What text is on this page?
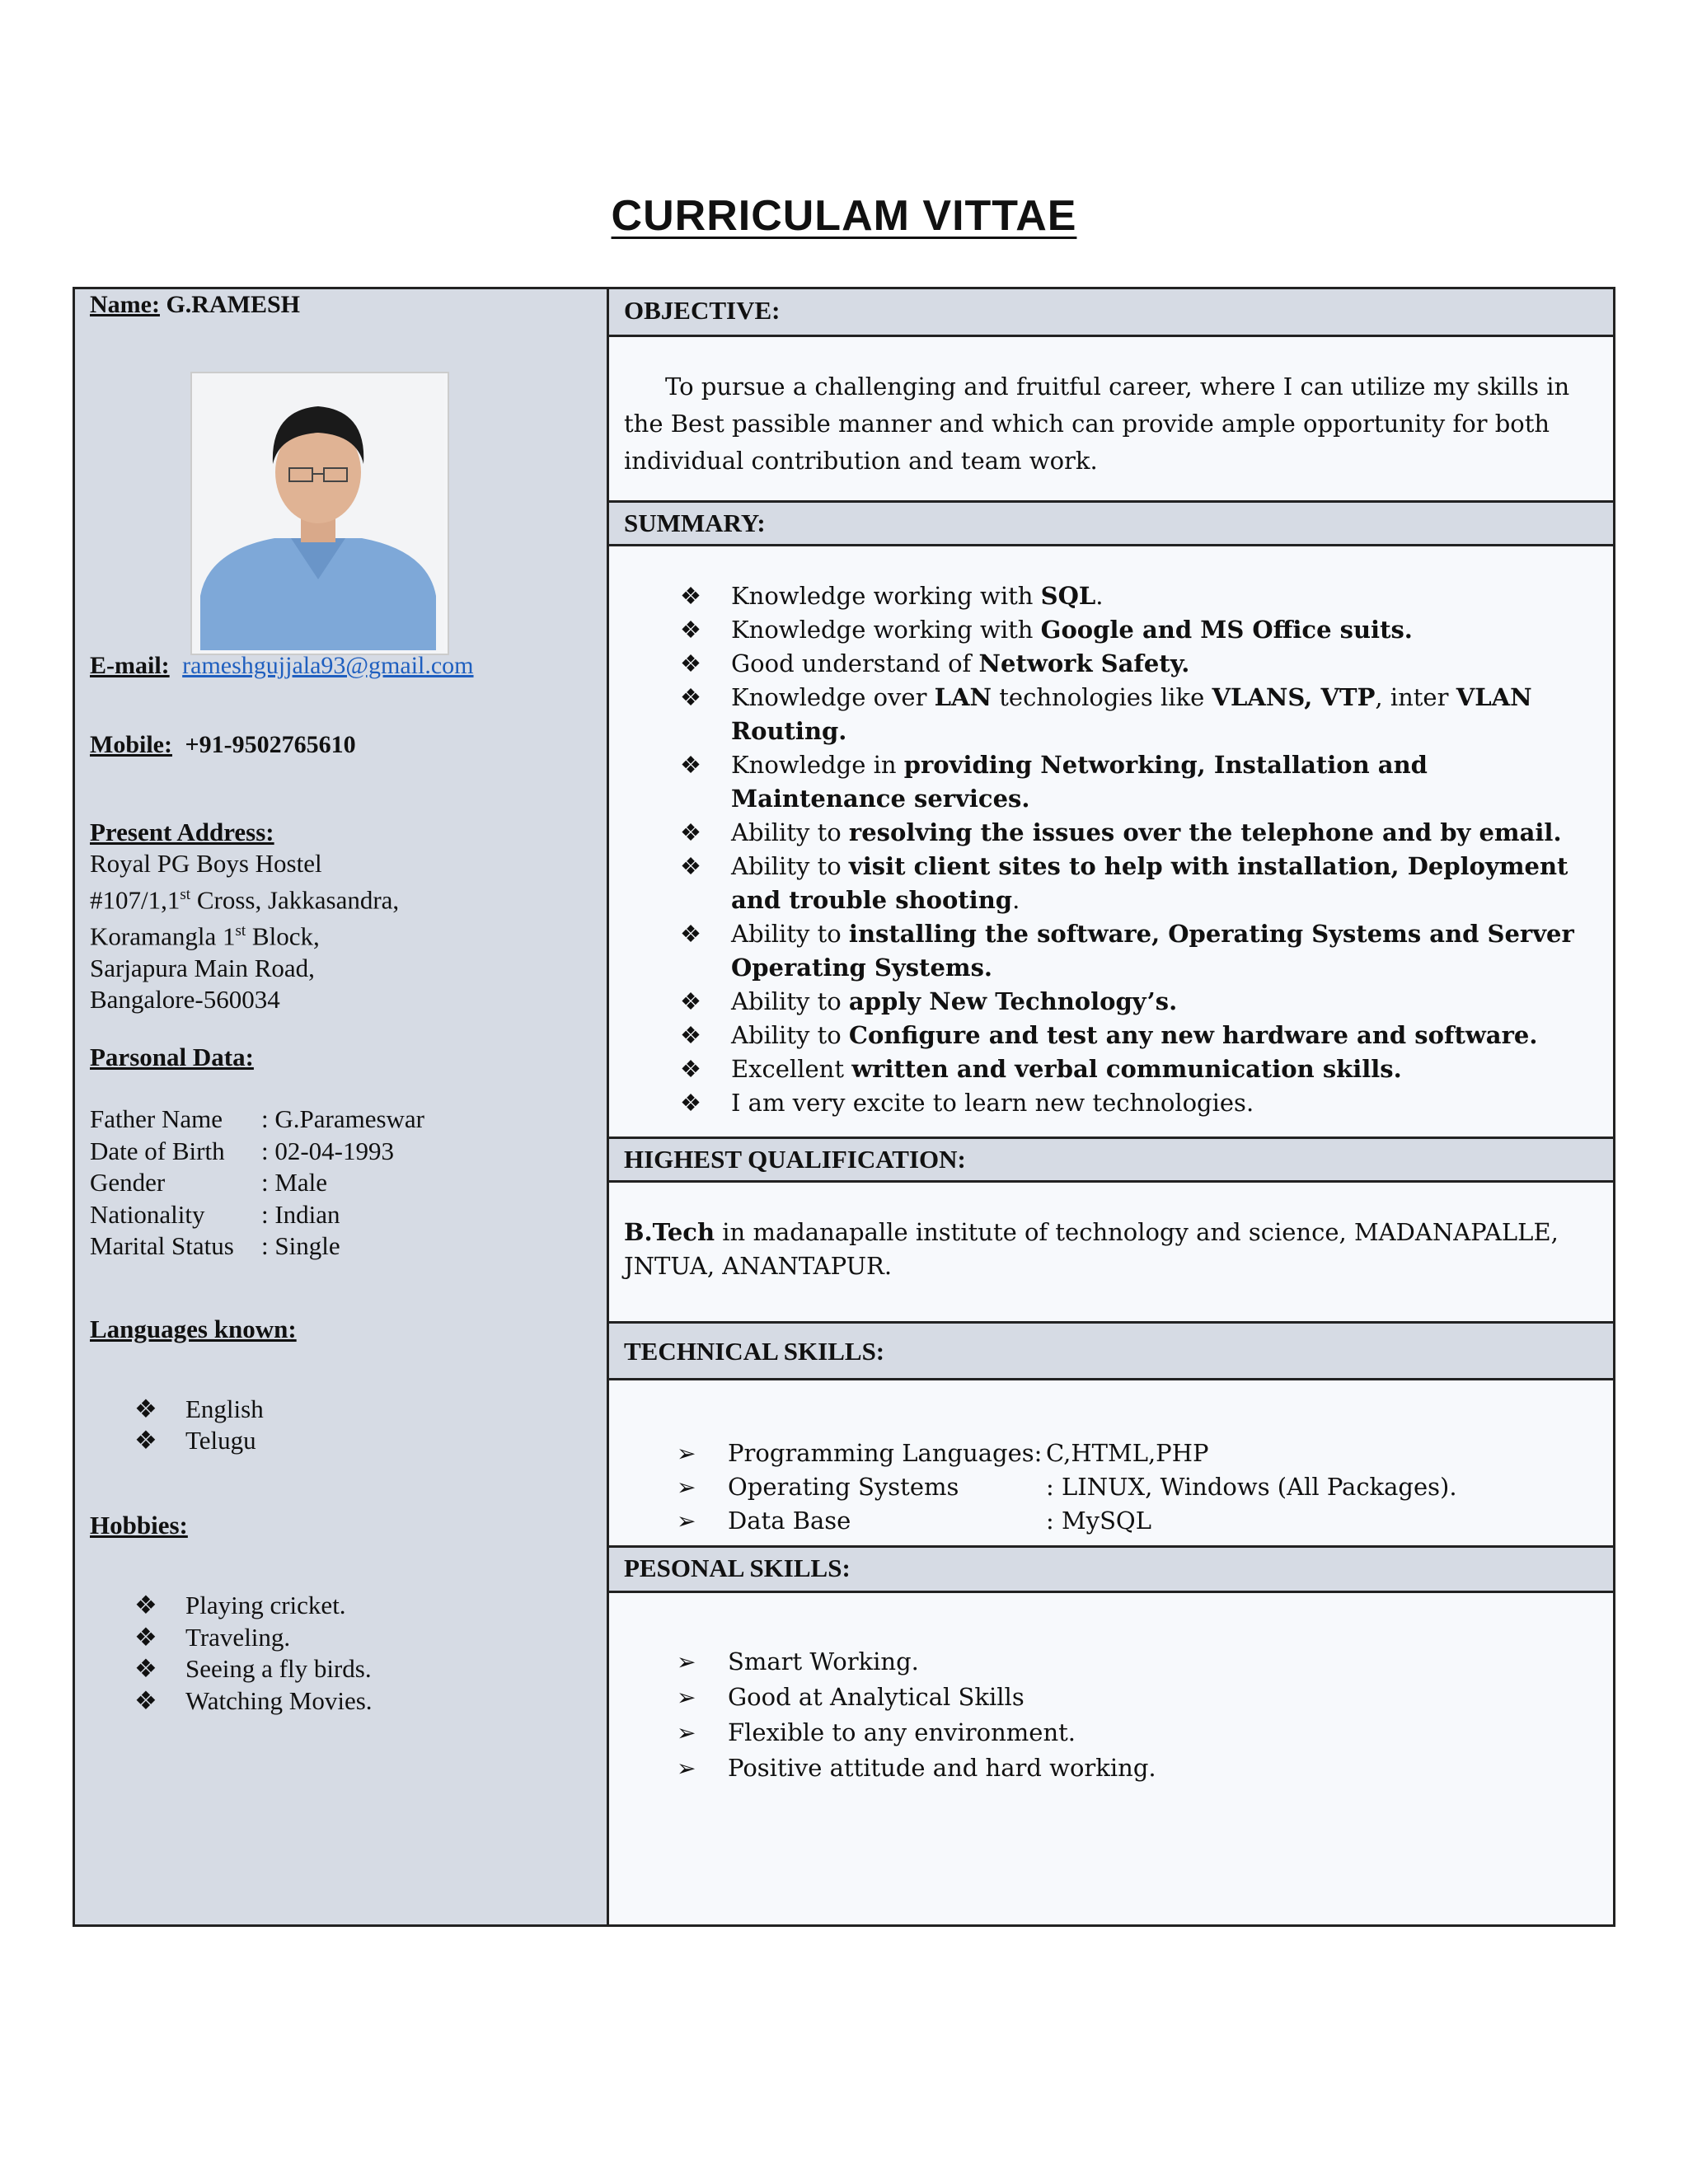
CURRICULAM VITTAE
Name: G.RAMESH
E-mail: rameshgujjala93@gmail.com
Mobile: +91-9502765610
Present Address:
Royal PG Boys Hostel
#107/1,1st Cross, Jakkasandra,
Koramangla 1st Block,
Sarjapura Main Road,
Bangalore-560034
Parsonal Data:
Father Name	: G.Parameswar
Date of Birth	: 02-04-1993
Gender	: Male
Nationality	: Indian
Marital Status	: Single
Languages known:
❖ English
❖ Telugu
Hobbies:
❖ Playing cricket.
❖ Traveling.
❖ Seeing a fly birds.
❖ Watching Movies.
OBJECTIVE:
To pursue a challenging and fruitful career, where I can utilize my skills in the Best passible manner and which can provide ample opportunity for both individual contribution and team work.
SUMMARY:
❖ Knowledge working with SQL.
❖ Knowledge working with Google and MS Office suits.
❖ Good understand of Network Safety.
❖ Knowledge over LAN technologies like VLANS, VTP, inter VLAN Routing.
❖ Knowledge in providing Networking, Installation and Maintenance services.
❖ Ability to resolving the issues over the telephone and by email.
❖ Ability to visit client sites to help with installation, Deployment and trouble shooting.
❖ Ability to installing the software, Operating Systems and Server Operating Systems.
❖ Ability to apply New Technology’s.
❖ Ability to Configure and test any new hardware and software.
❖ Excellent written and verbal communication skills.
❖ I am very excite to learn new technologies.
HIGHEST QUALIFICATION:
B.Tech in madanapalle institute of technology and science, MADANAPALLE, JNTUA, ANANTAPUR.
TECHNICAL SKILLS:
➢ Programming Languages: C,HTML,PHP
➢ Operating Systems	: LINUX, Windows (All Packages).
➢ Data Base	: MySQL
PESONAL SKILLS:
➢ Smart Working.
➢ Good at Analytical Skills
➢ Flexible to any environment.
➢ Positive attitude and hard working.
